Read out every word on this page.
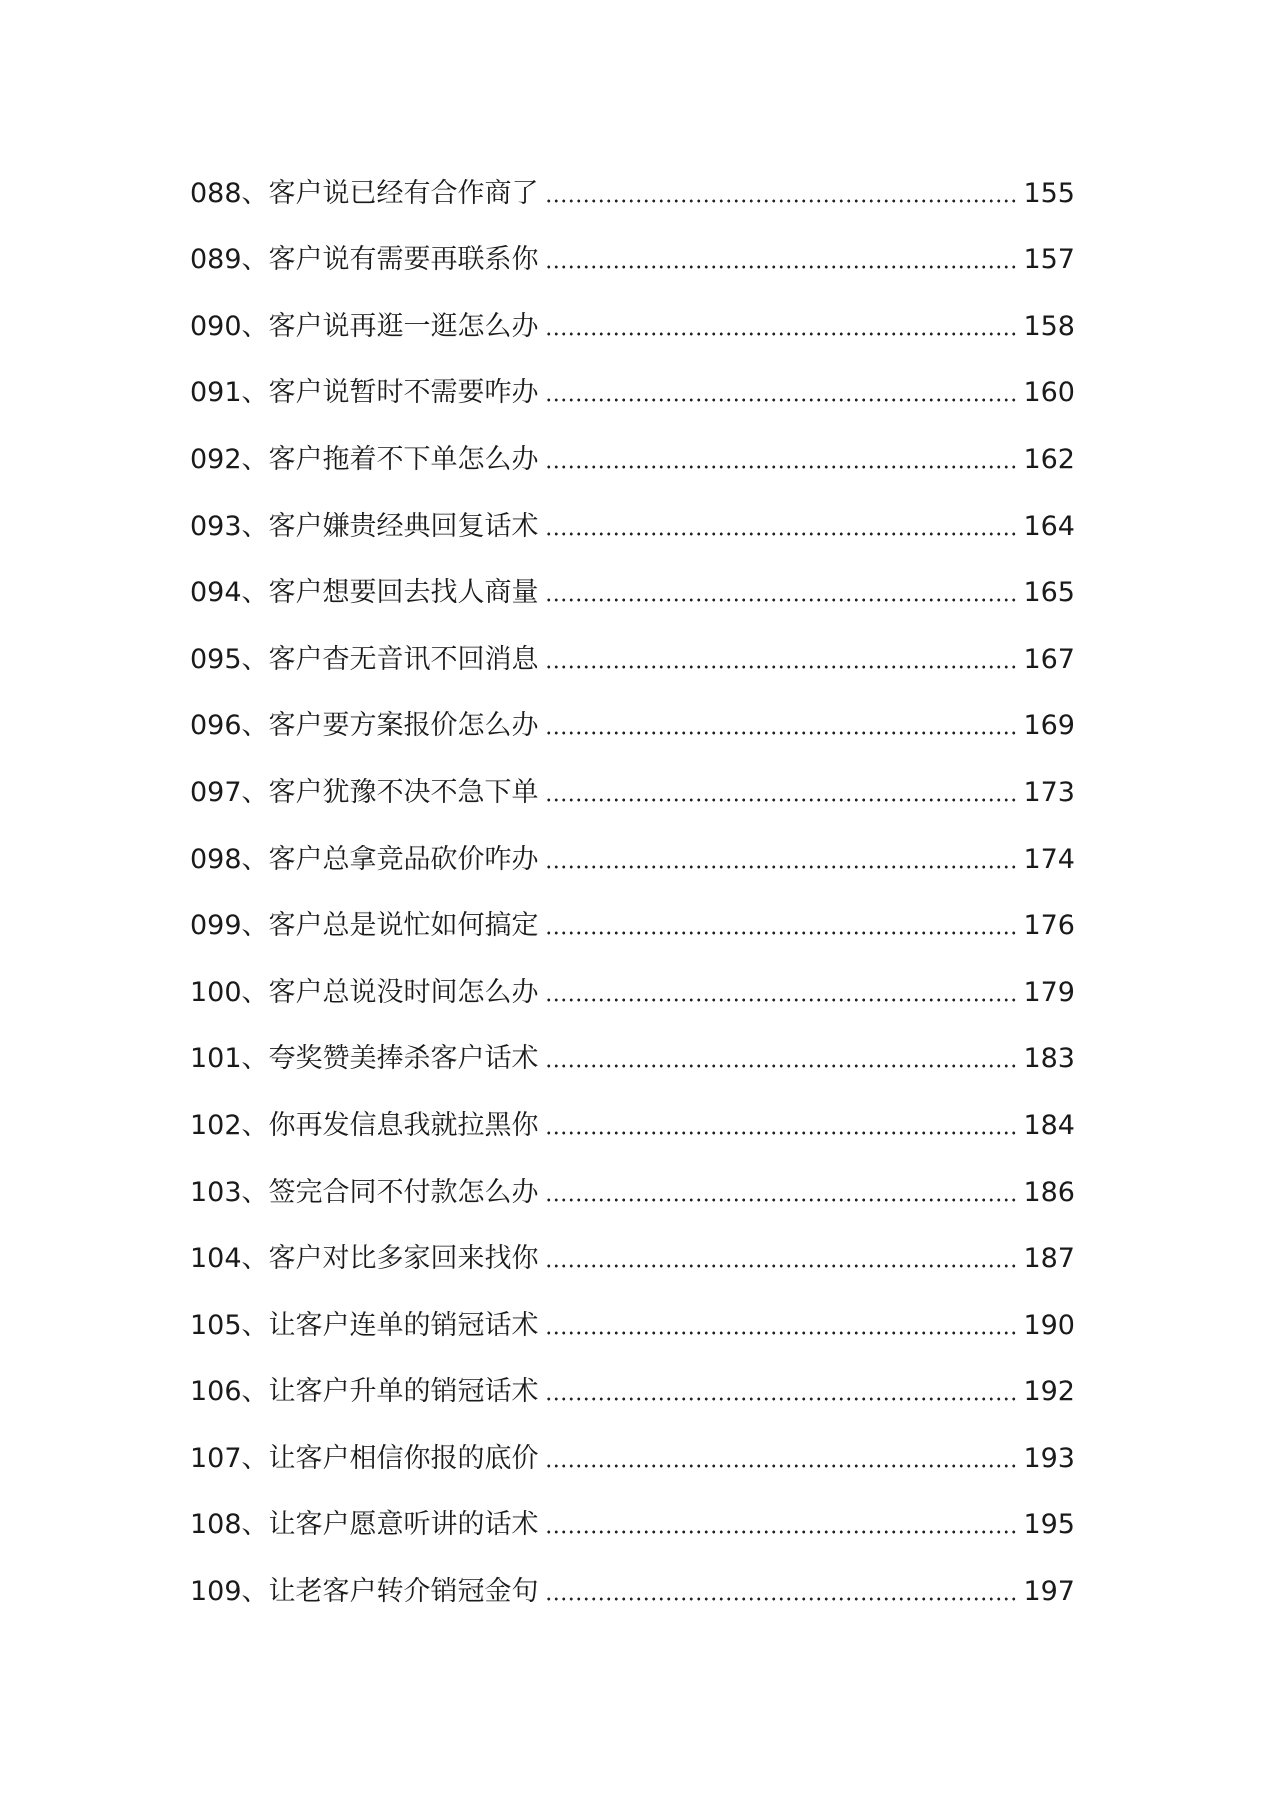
088 、客户说已经有合作商了	155
089 、客户说有需要再联系你	157
090 、客户说再逛一逛怎么办	158
091 、客户说暂时不需要咋办	160
092 、客户拖着不下单怎么办	162
093 、客户嫌贵经典回复话术	164
094 、客户想要回去找人商量	165
095 、客户杳无音讯不回消息	167
096 、客户要方案报价怎么办	169
097 、客户犹豫不决不急下单	173
098 、客户总拿竞品砍价咋办	174
099 、客户总是说忙如何搞定	176
100 、客户总说没时间怎么办	179
101 、夸奖赞美捧杀客户话术	183
102 、你再发信息我就拉黑你	184
103 、签完合同不付款怎么办	186
104 、客户对比多家回来找你	187
105 、让客户连单的销冠话术	190
106 、让客户升单的销冠话术	192
107 、让客户相信你报的底价	193
108 、让客户愿意听讲的话术	195
109 、让老客户转介销冠金句	197
